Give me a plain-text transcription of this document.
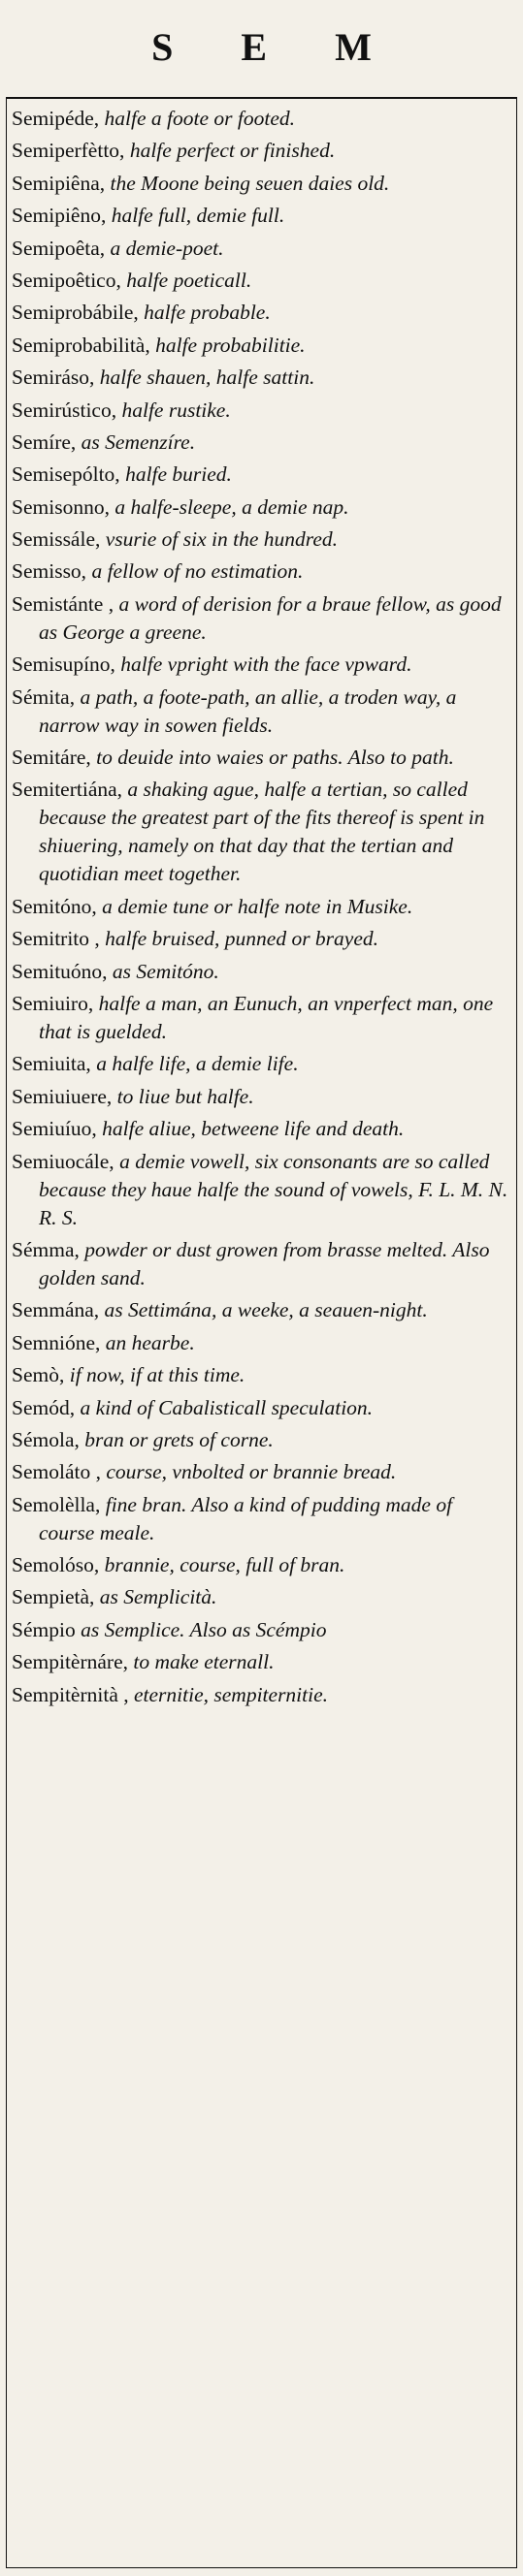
S E M
Semipéde, halfe a foote or footed.
Semiperfètto, halfe perfect or finished.
Semipiêna, the Moone being seuen daies old.
Semipiêno, halfe full, demie full.
Semipoêta, a demie-poet.
Semipoêtico, halfe poeticall.
Semiprobábile, halfe probable.
Semiprobabilità, halfe probabilitie.
Semiráso, halfe shauen, halfe sattin.
Semirústico, halfe rustike.
Semíre, as Semenzíre.
Semisepólto, halfe buried.
Semisonno, a halfe-sleepe, a demie nap.
Semissále, vsurie of six in the hundred.
Semisso, a fellow of no estimation.
Semistánte , a word of derision for a braue fellow, as good as George a greene.
Semisupíno, halfe vpright with the face vpward.
Sémita, a path, a foote-path, an allie, a troden way, a narrow way in sowen fields.
Semitáre, to deuide into waies or paths. Also to path.
Semitertiána, a shaking ague, halfe a tertian, so called because the greatest part of the fits thereof is spent in shiuering, namely on that day that the tertian and quotidian meet together.
Semitóno, a demie tune or halfe note in Musike.
Semitrito , halfe bruised, punned or brayed.
Semituóno, as Semitóno.
Semiuiro, halfe a man, an Eunuch, an vnperfect man, one that is guelded.
Semiuita, a halfe life, a demie life.
Semiuiuere, to liue but halfe.
Semiuíuo, halfe aliue, betweene life and death.
Semiuocále, a demie vowell, six consonants are so called because they haue halfe the sound of vowels, F. L. M. N. R. S.
Sémma, powder or dust growen from brasse melted. Also golden sand.
Semmána, as Settimána, a weeke, a seauen-night.
Semnióne, an hearbe.
Semò, if now, if at this time.
Semód, a kind of Cabalisticall speculation.
Sémola, bran or grets of corne.
Semoláto , course, vnbolted or brannie bread.
Semolèlla, fine bran. Also a kind of pudding made of course meale.
Semolóso, brannie, course, full of bran.
Sempietà, as Semplicità.
Sémpio as Semplice. Also as Scémpio
Sempitèrnáre, to make eternall.
Sempitèrnità , eternitie, sempiternitie.
